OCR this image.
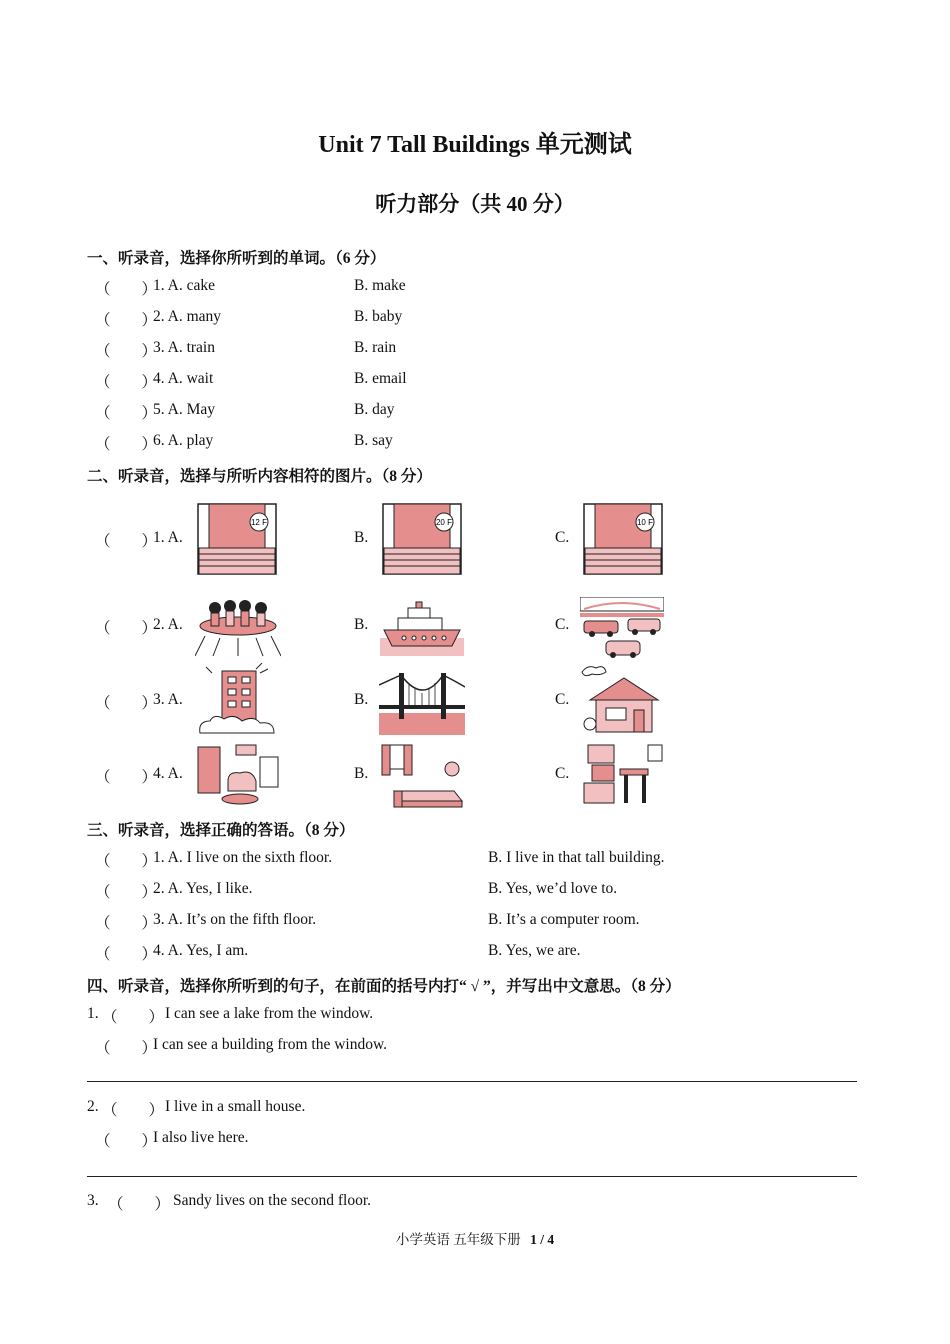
Unit 7 Tall Buildings 单元测试
听力部分（共 40 分）
一、听录音，选择你所听到的单词。（6 分）
（　　）
1. A. cake	B. make
（　　）
2. A. many	B. baby
（　　）
3. A. train	B. rain
（　　）
4. A. wait	B. email
（　　）
5. A. May	B. day
（　　）
6. A. play	B. say
二、听录音，选择与所听内容相符的图片。（8 分）
（　　）
1. A.	B.	C.
12 F	20 F	10 F
（　　）
2. A.	B.	C.
（　　）
3. A.	B.	C.
（　　）
4. A.	B.	C.
三、听录音，选择正确的答语。（8 分）
（　　）
1. A. I live on the sixth floor.	B. I live in that tall building.
（　　）
2. A. Yes, I like.	B. Yes, we’d love to.
（　　）
3. A. It’s on the fifth floor.	B. It’s a computer room.
（　　）
4. A. Yes, I am.	B. Yes, we are.
四、听录音，选择你所听到的句子，在前面的括号内打“ √ ”，并写出中文意思。（8 分）
1. （　　） I can see a lake from the window.
（　　）
I can see a building from the window.
2. （　　） I live in a small house.
（　　）
I also live here.
3. （　　） Sandy lives on the second floor.
小学英语 五年级下册 1 / 4
